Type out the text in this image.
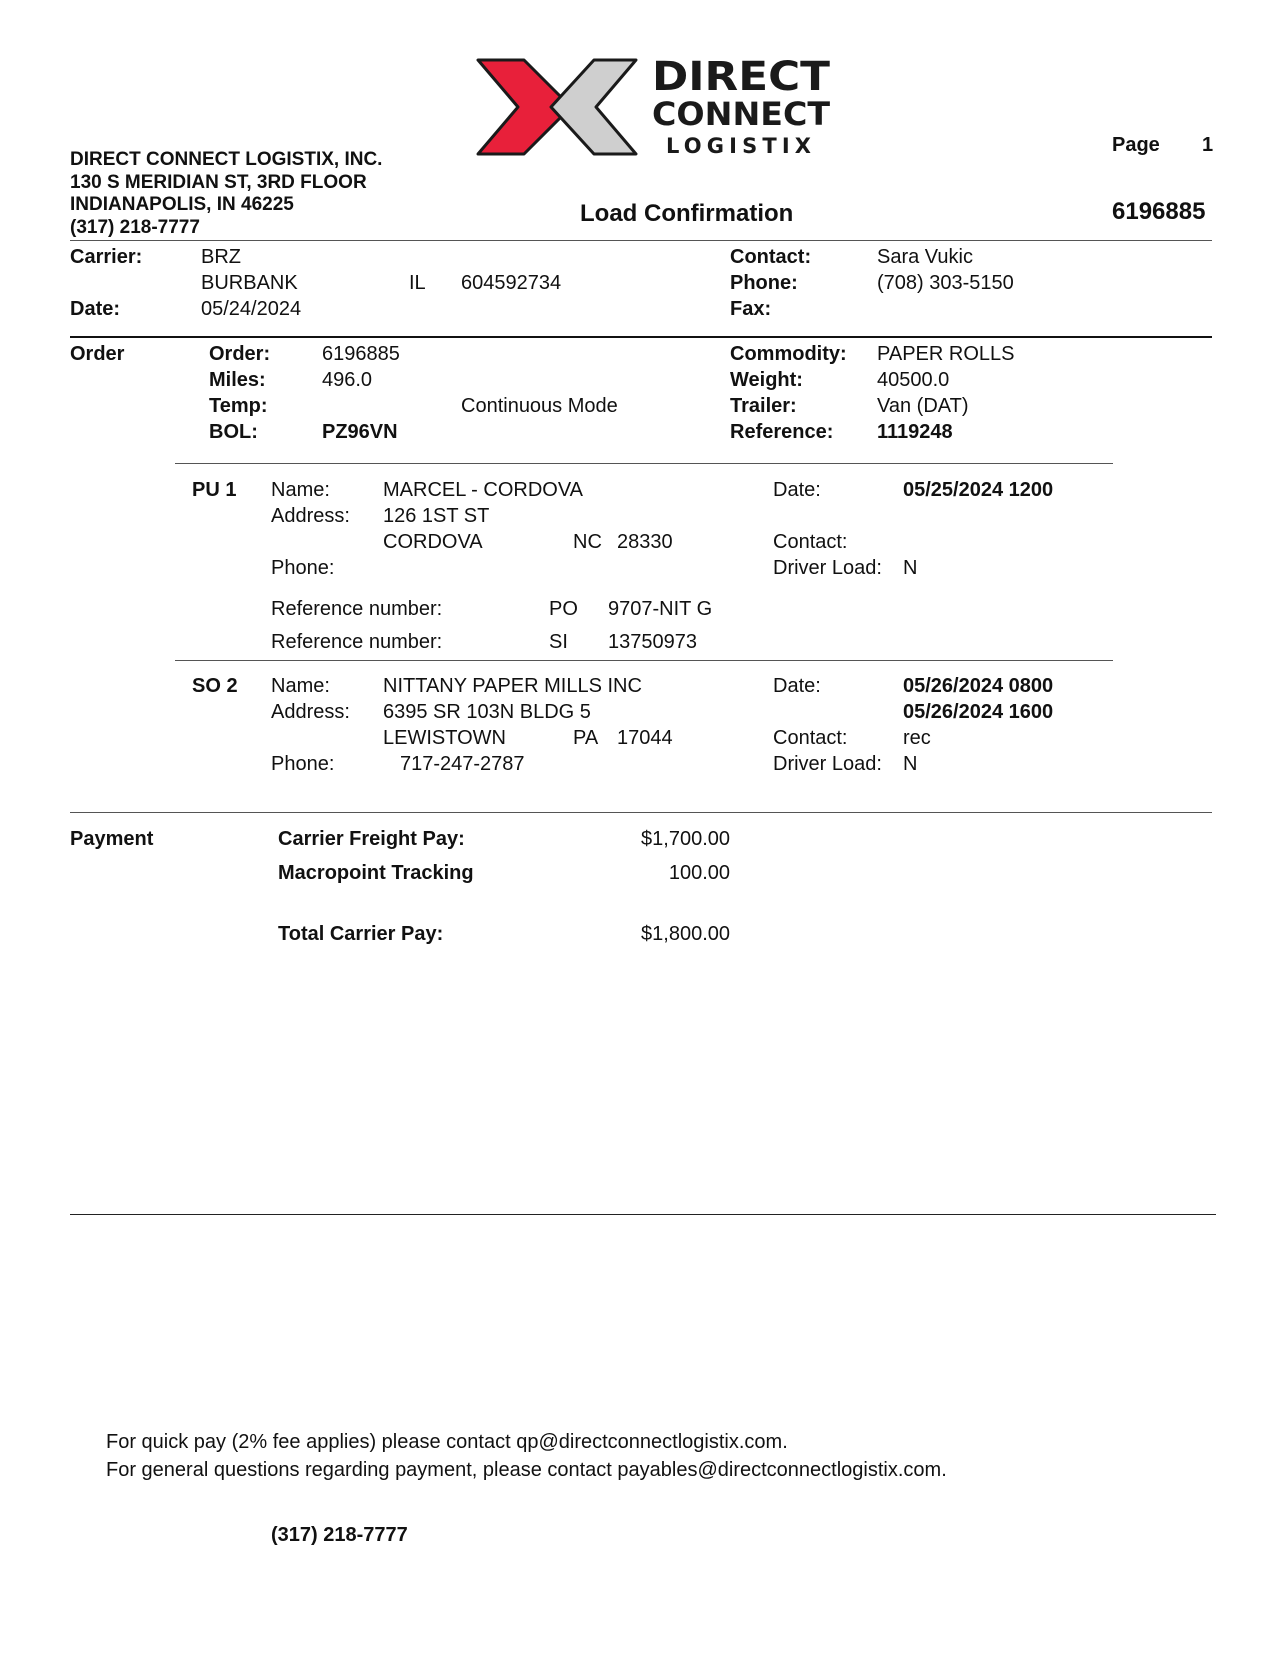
DIRECT
CONNECT
LOGISTIX
DIRECT CONNECT LOGISTIX, INC.
130 S MERIDIAN ST, 3RD FLOOR
INDIANAPOLIS, IN 46225
(317) 218-7777
Page 1
Load Confirmation	6196885
Carrier:	BRZ
BURBANK	IL 604592734
Date:	05/24/2024
Contact:	Sara Vukic
Phone:	(708) 303-5150
Fax:
Order	Order:	6196885
Miles:	496.0
Temp:	Continuous Mode
BOL:	PZ96VN
Commodity: PAPER ROLLS
Weight:	40500.0
Trailer:	Van (DAT)
Reference: 1119248
PU 1 Name:	MARCEL - CORDOVA
Address: 126 1ST ST
CORDOVA	NC 28330
Phone:
Date:	05/25/2024 1200
Contact:
Driver Load: N
Reference number:	PO 9707-NIT G
Reference number:	SI 13750973
SO 2 Name:	NITTANY PAPER MILLS INC
Address: 6395 SR 103N BLDG 5
LEWISTOWN	PA 17044
Phone:	717-247-2787
Date:	05/26/2024 0800
05/26/2024 1600
Contact:	rec
Driver Load: N
Payment	Carrier Freight Pay:	$1,700.00
Macropoint Tracking	100.00
Total Carrier Pay:	$1,800.00
For quick pay (2% fee applies) please contact qp@directconnectlogistix.com.
For general questions regarding payment, please contact payables@directconnectlogistix.com.
(317) 218-7777
